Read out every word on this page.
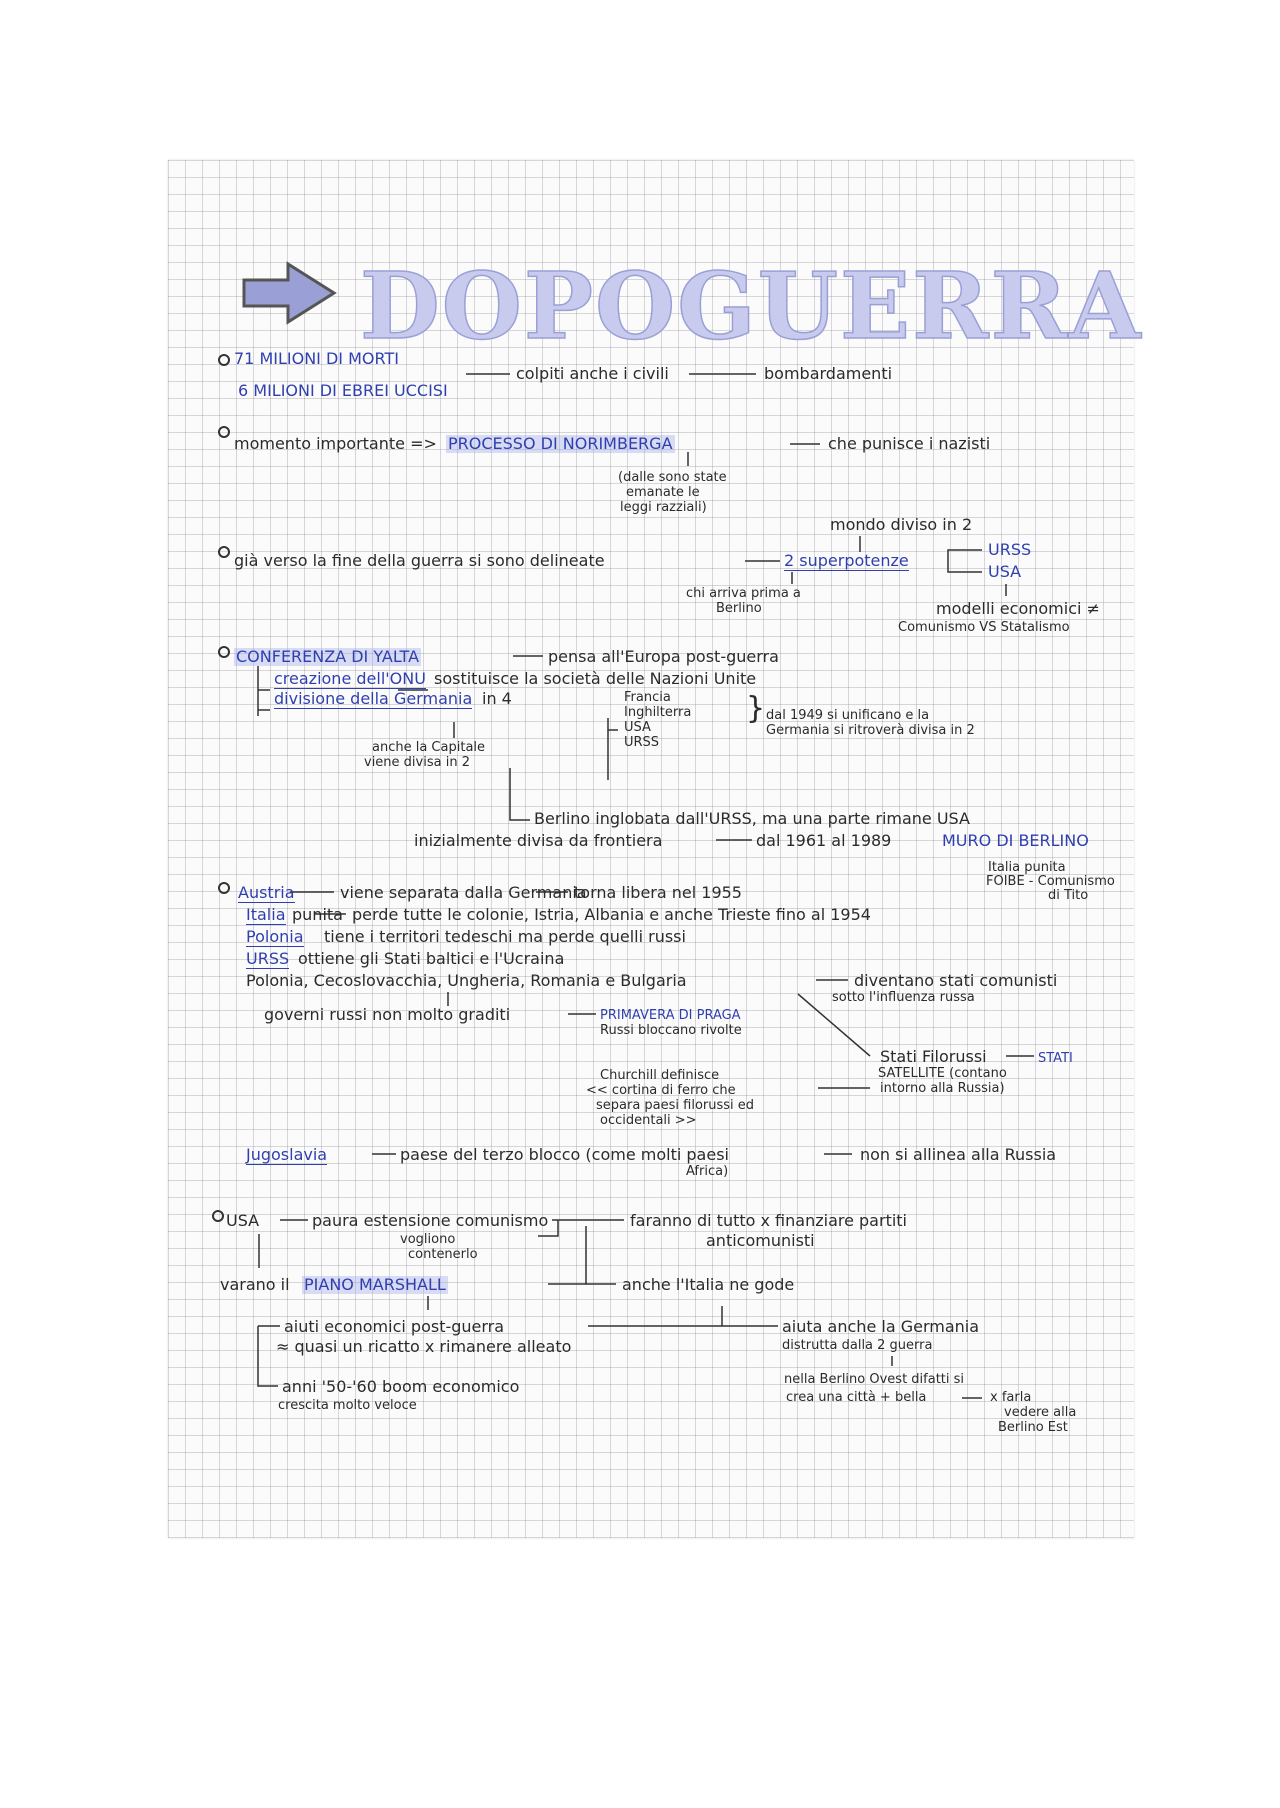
DOPOGUERRA
71 MILIONI DI MORTI
colpiti anche i civili	bombardamenti
6 MILIONI DI EBREI UCCISI
momento importante => PROCESSO DI NORIMBERGA	che punisce i nazisti
(dalle sono state
emanate le
leggi razziali)
mondo diviso in 2
già verso la fine della guerra si sono delineate	2 superpotenze
URSS
USA
chi arriva prima a
Berlino	modelli economici ≠
Comunismo VS Statalismo
CONFERENZA DI YALTA	pensa all'Europa post-guerra
creazione dell'ONU sostituisce la società delle Nazioni Unite
divisione della Germania in 4	Francia
Inghilterra
USA
URSS
} dal 1949 si unificano e la
Germania si ritroverà divisa in 2
anche la Capitale
viene divisa in 2
Berlino inglobata dall'URSS, ma una parte rimane USA
inizialmente divisa da frontiera	dal 1961 al 1989	MURO DI BERLINO
Italia punita
FOIBE - Comunismo
di Tito
Austria	viene separata dalla Germania
torna libera nel 1955
Italia punita perde tutte le colonie, Istria, Albania e anche Trieste fino al 1954
Polonia tiene i territori tedeschi ma perde quelli russi
URSS ottiene gli Stati baltici e l'Ucraina
Polonia, Cecoslovacchia, Ungheria, Romania e Bulgaria	diventano stati comunisti
sotto l'influenza russa
governi russi non molto graditi	PRIMAVERA DI PRAGA
Russi bloccano rivolte
Stati Filorussi	STATI
SATELLITE (contano
intorno alla Russia)
Churchill definisce
<< cortina di ferro che
separa paesi filorussi ed
occidentali >>
Jugoslavia	paese del terzo blocco (come molti paesi
Africa)
non si allinea alla Russia
USA	paura estensione comunismo	faranno di tutto x finanziare partiti
anticomunisti
vogliono
contenerlo
varano il PIANO MARSHALL	anche l'Italia ne gode
aiuti economici post-guerra
≈ quasi un ricatto x rimanere alleato
aiuta anche la Germania
distrutta dalla 2 guerra
anni '50-'60 boom economico
crescita molto veloce
nella Berlino Ovest difatti si
crea una città + bella	x farla
vedere alla
Berlino Est
